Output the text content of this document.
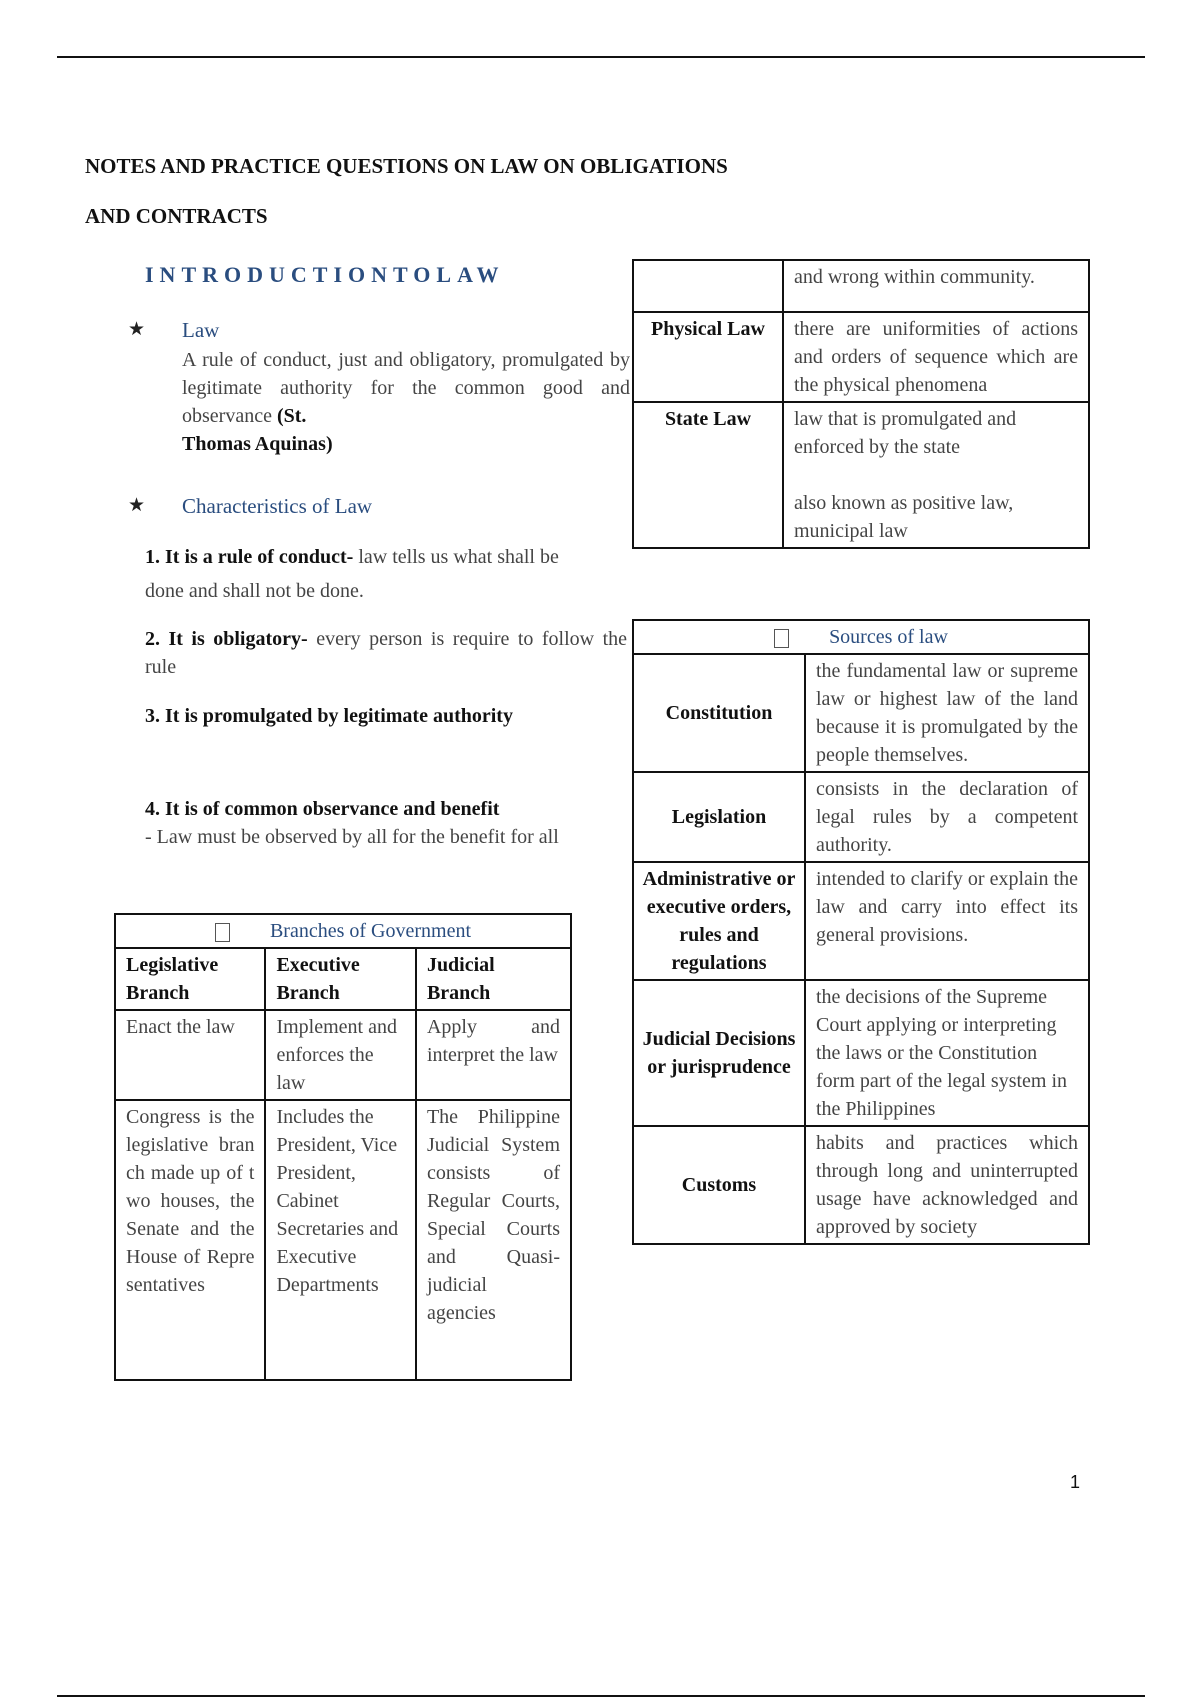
NOTES AND PRACTICE QUESTIONS ON LAW ON OBLIGATIONS
AND CONTRACTS
INTRODUCTIONTOLAW
★ Law
A rule of conduct, just and obligatory, promulgated by legitimate authority for the common good and observance (St.
Thomas Aquinas)
★ Characteristics of Law
1. It is a rule of conduct- law tells us what shall be done and shall not be done.
2. It is obligatory- every person is require to follow the rule
3. It is promulgated by legitimate authority
4. It is of common observance and benefit
- Law must be observed by all for the benefit for all
Branches of Government		
Legislative Branch	Executive Branch	Judicial Branch
Enact the law	Implement and enforces the law	Apply and interpret the law
Congress is the legislative branch made up of two houses, the Senate and the House of Representatives	Includes the President, Vice President, Cabinet Secretaries and Executive Departments	The Philippine Judicial System consists of Regular Courts, Special Courts and Quasi-judicial agencies
	and wrong within community.
Physical Law	there are uniformities of actions and orders of sequence which are the physical phenomena
State Law	law that is promulgated and enforced by the state
also known as positive law, municipal law
Sources of law	
Constitution	the fundamental law or supreme law or highest law of the land because it is promulgated by the people themselves.
Legislation	consists in the declaration of legal rules by a competent authority.
Administrative or executive orders, rules and regulations	intended to clarify or explain the law and carry into effect its general provisions.
Judicial Decisions or jurisprudence	the decisions of the Supreme Court applying or interpreting the laws or the Constitution form part of the legal system in the Philippines
Customs	habits and practices which through long and uninterrupted usage have acknowledged and approved by society
1
